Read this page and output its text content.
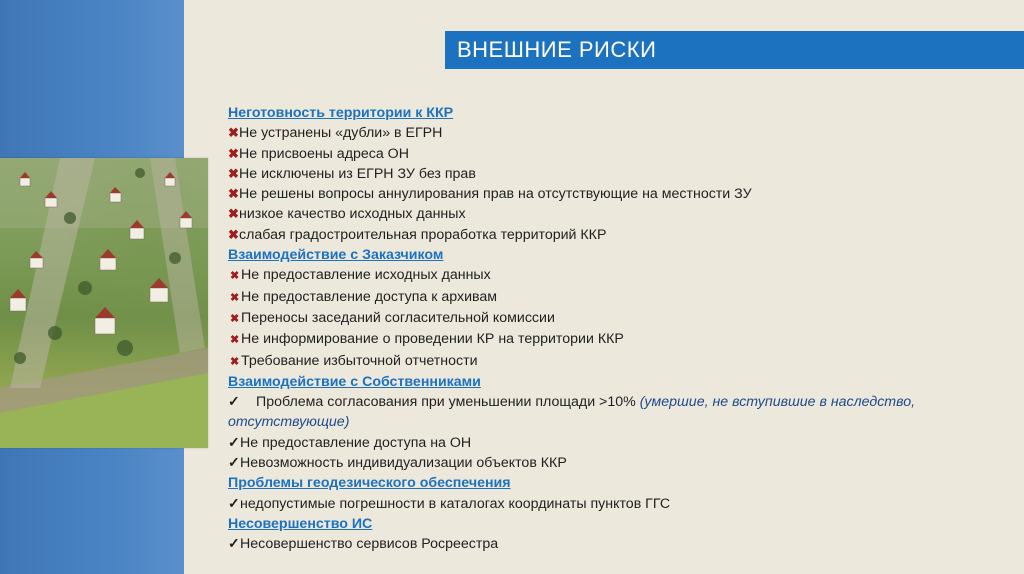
ВНЕШНИЕ РИСКИ
Неготовность территории к ККР
✖Не устранены «дубли» в ЕГРН
✖Не присвоены адреса ОН
✖Не исключены из ЕГРН ЗУ без прав
✖Не решены вопросы аннулирования прав на отсутствующие на местности ЗУ
✖низкое качество исходных данных
✖слабая градостроительная проработка территорий ККР
Взаимодействие с Заказчиком
✖ Не предоставление исходных данных
✖ Не предоставление доступа к архивам
✖ Переносы заседаний согласительной комиссии
✖ Не информирование о проведении КР на территории ККР
✖ Требование избыточной отчетности
Взаимодействие с Собственниками
✓ Проблема согласования при уменьшении площади >10% (умершие, не вступившие в наследство, отсутствующие)
✓Не предоставление доступа на ОН
✓Невозможность индивидуализации объектов ККР
Проблемы геодезического обеспечения
✓недопустимые погрешности в каталогах координаты пунктов ГГС
Несовершенство ИС
✓Несовершенство сервисов Росреестра
